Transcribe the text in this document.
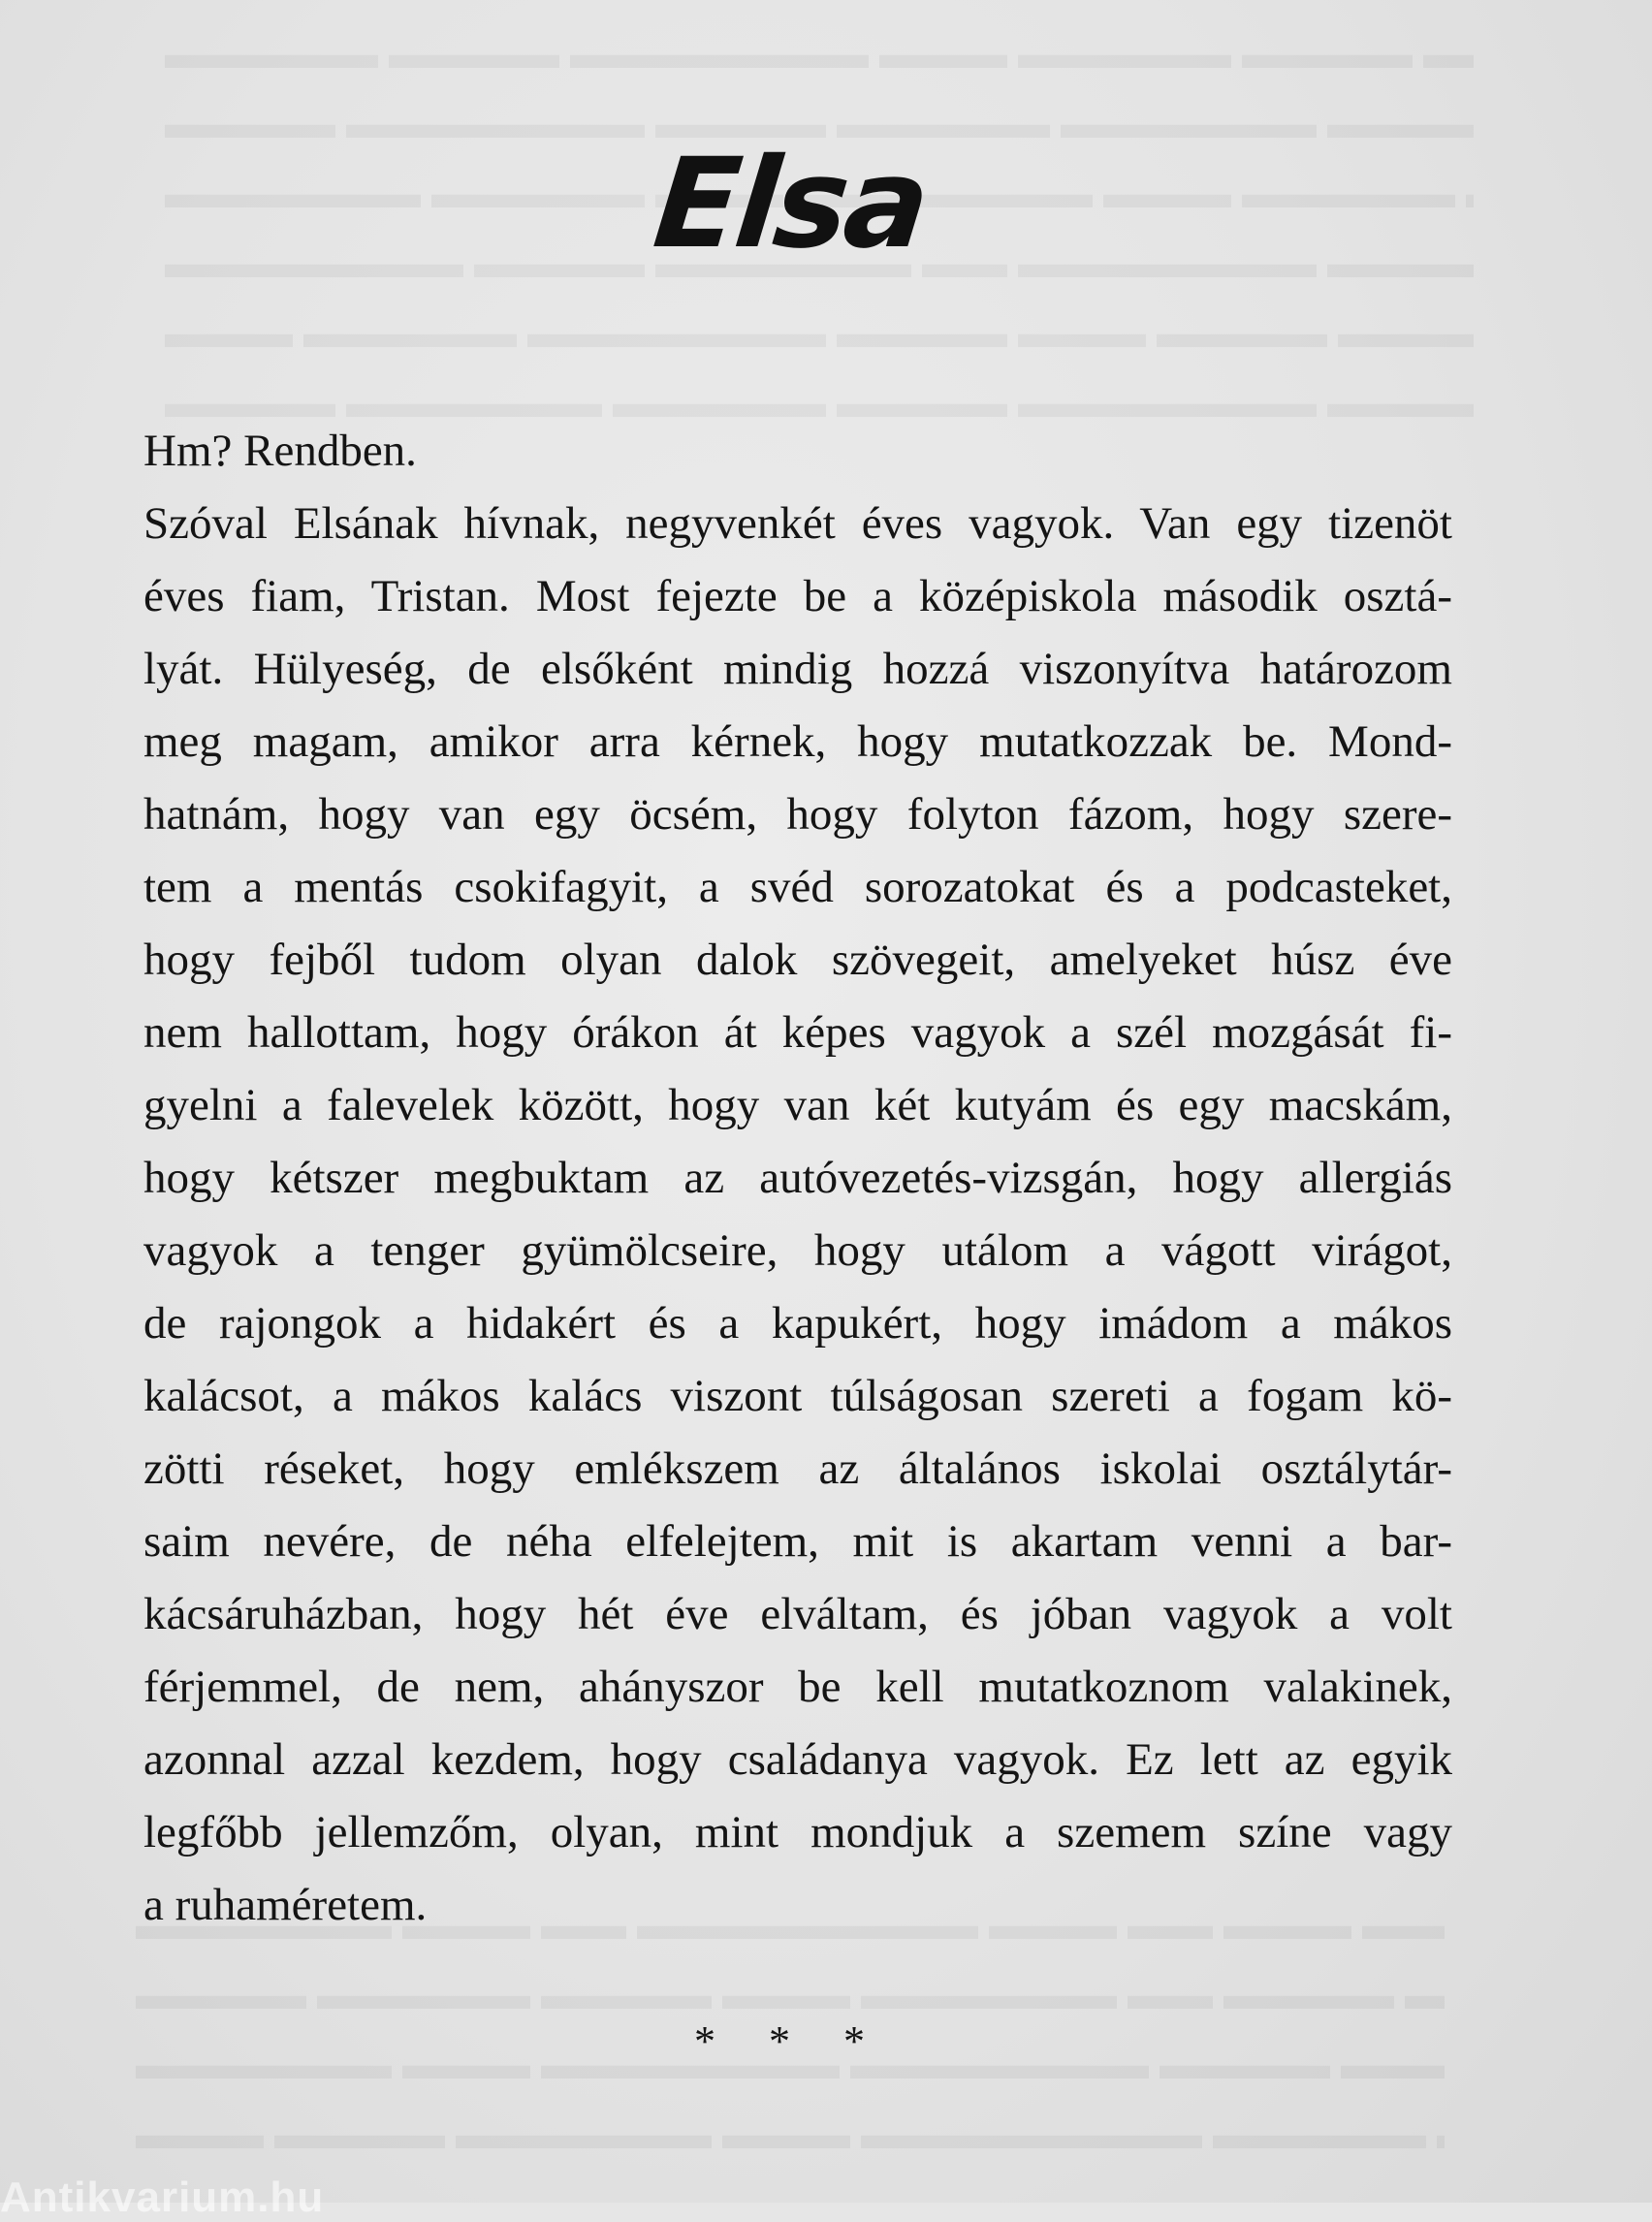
Elsa

Hm? Rendben.

Szóval Elsának hívnak, negyvenkét éves vagyok. Van egy tizenöt
éves fiam, Tristan. Most fejezte be a középiskola második osztá-
lyát. Hülyeség, de elsőként mindig hozzá viszonyítva határozom
meg magam, amikor arra kérnek, hogy mutatkozzak be. Mond-
hatnám, hogy van egy öcsém, hogy folyton fázom, hogy szere-
tem a mentás csokifagyit, a svéd sorozatokat és a podcasteket,
hogy fejből tudom olyan dalok szövegeit, amelyeket húsz éve
nem hallottam, hogy órákon át képes vagyok a szél mozgását fi-
gyelni a falevelek között, hogy van két kutyám és egy macskám,
hogy kétszer megbuktam az autóvezetés-vizsgán, hogy allergiás
vagyok a tenger gyümölcseire, hogy utálom a vágott virágot,
de rajongok a hidakért és a kapukért, hogy imádom a mákos
kalácsot, a mákos kalács viszont túlságosan szereti a fogam kö-
zötti réseket, hogy emlékszem az általános iskolai osztálytár-
saim nevére, de néha elfelejtem, mit is akartam venni a bar-
kácsáruházban, hogy hét éve elváltam, és jóban vagyok a volt
férjemmel, de nem, ahányszor be kell mutatkoznom valakinek,
azonnal azzal kezdem, hogy családanya vagyok. Ez lett az egyik
legfőbb jellemzőm, olyan, mint mondjuk a szemem színe vagy
a ruhaméretem.

* * *
Antikvarium.hu
